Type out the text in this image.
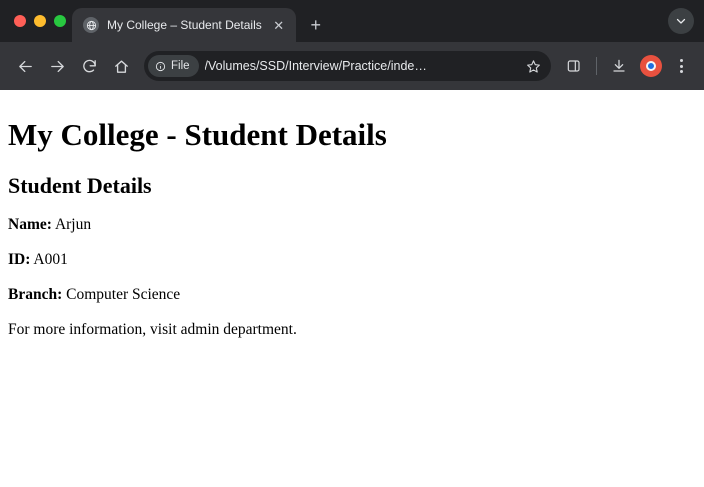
My College – Student Details ✕	+
File /Volumes/SSD/Interview/Practice/inde…
My College - Student Details
Student Details

Name: Arjun

ID: A001

Branch: Computer Science

For more information, visit admin department.
